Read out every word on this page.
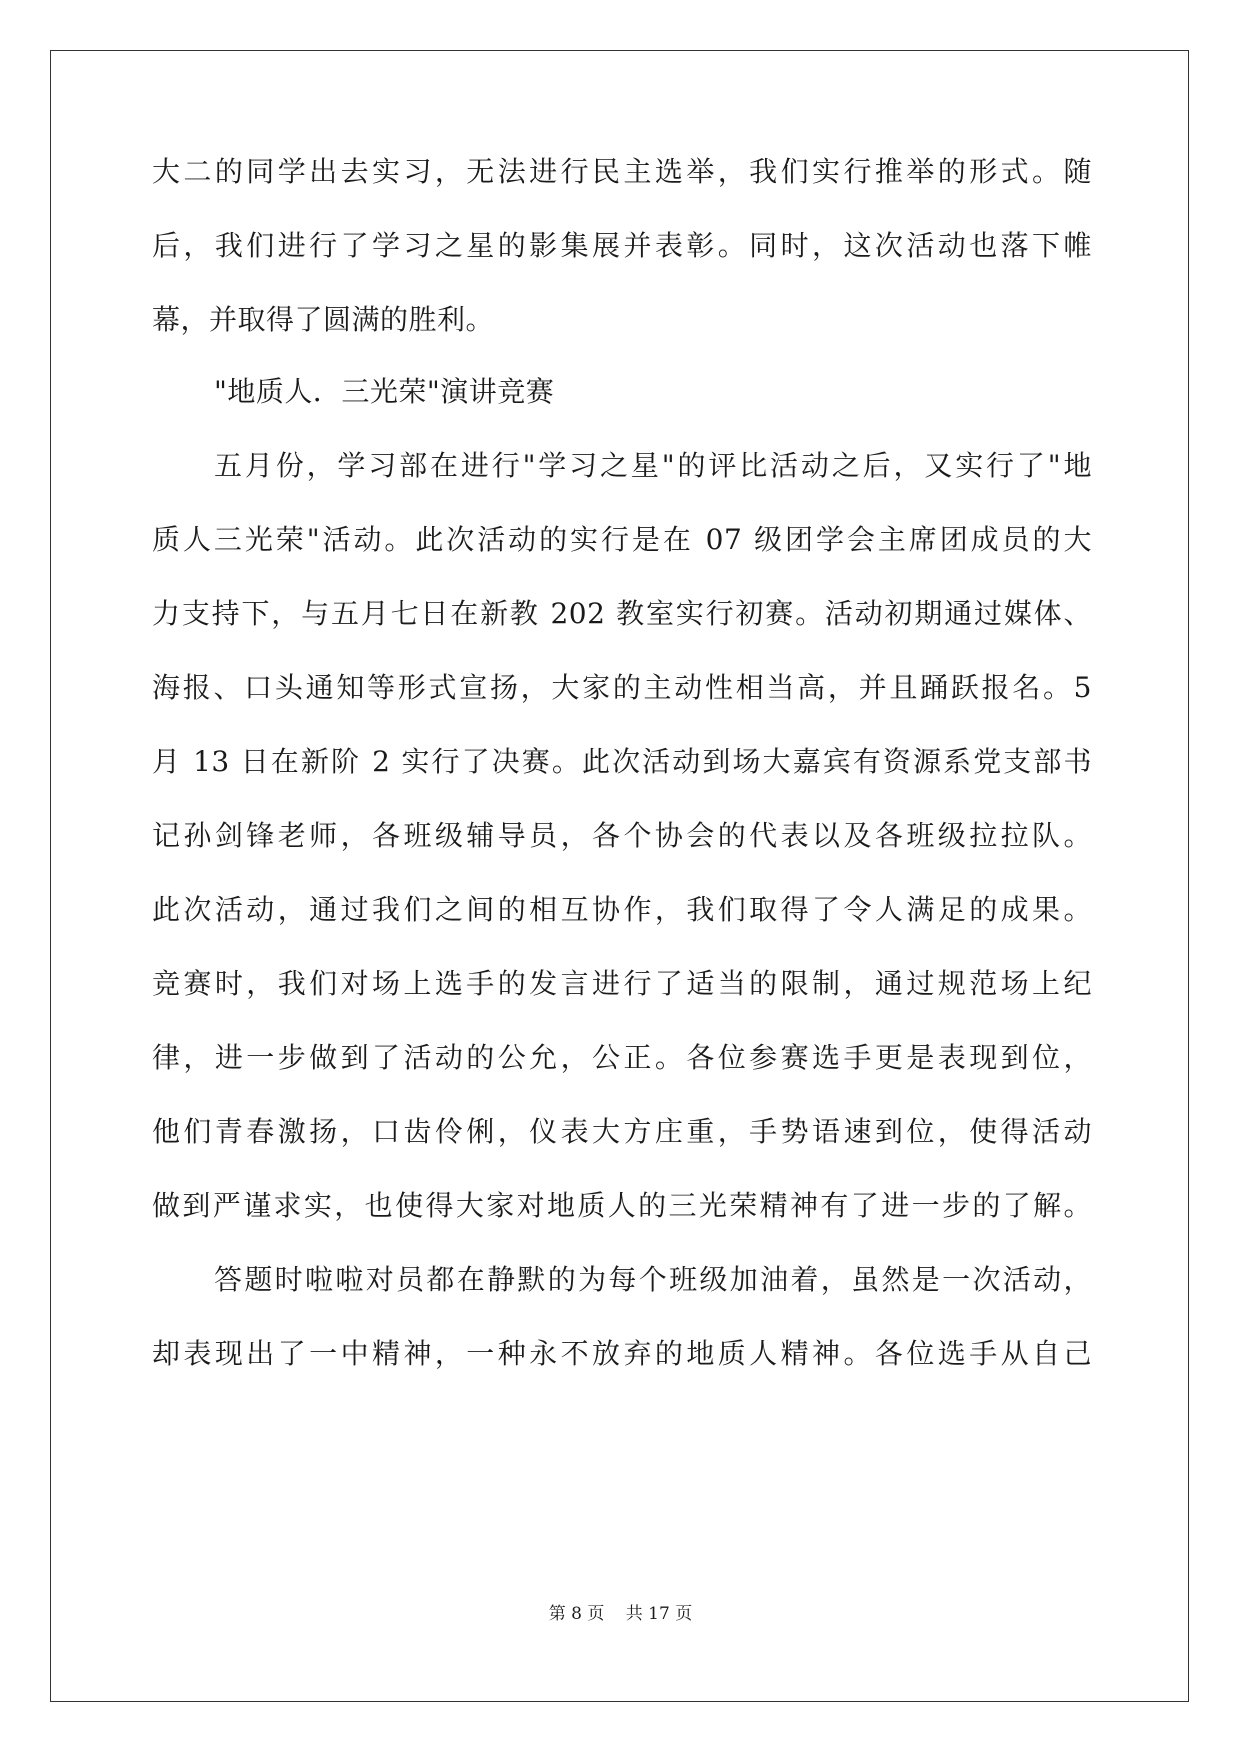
大二的同学出去实习，无法进行民主选举，我们实行推举的形式。随
后，我们进行了学习之星的影集展并表彰。同时，这次活动也落下帷
幕，并取得了圆满的胜利。
"地质人．三光荣"演讲竞赛
五月份，学习部在进行"学习之星"的评比活动之后，又实行了"地
质人三光荣"活动。此次活动的实行是在 07 级团学会主席团成员的大
力支持下，与五月七日在新教 202 教室实行初赛。活动初期通过媒体、
海报、口头通知等形式宣扬，大家的主动性相当高，并且踊跃报名。5
月 13 日在新阶 2 实行了决赛。此次活动到场大嘉宾有资源系党支部书
记孙剑锋老师，各班级辅导员，各个协会的代表以及各班级拉拉队。
此次活动，通过我们之间的相互协作，我们取得了令人满足的成果。
竞赛时，我们对场上选手的发言进行了适当的限制，通过规范场上纪
律，进一步做到了活动的公允，公正。各位参赛选手更是表现到位，
他们青春激扬，口齿伶俐，仪表大方庄重，手势语速到位，使得活动
做到严谨求实，也使得大家对地质人的三光荣精神有了进一步的了解。
答题时啦啦对员都在静默的为每个班级加油着，虽然是一次活动，
却表现出了一中精神，一种永不放弃的地质人精神。各位选手从自己
第 8 页 共 17 页
